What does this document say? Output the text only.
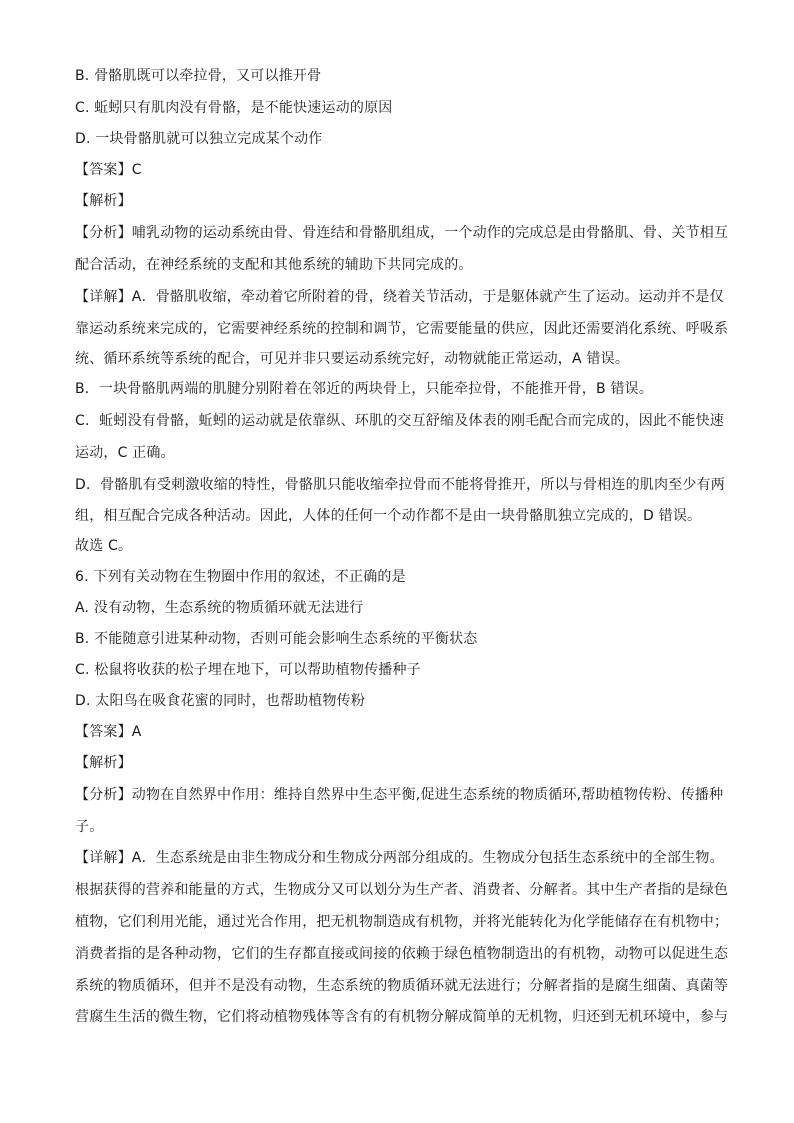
B. 骨骼肌既可以牵拉骨，又可以推开骨
C. 蚯蚓只有肌肉没有骨骼，是不能快速运动的原因
D. 一块骨骼肌就可以独立完成某个动作
【答案】C
【解析】
【分析】哺乳动物的运动系统由骨、骨连结和骨骼肌组成，一个动作的完成总是由骨骼肌、骨、关节相互
配合活动，在神经系统的支配和其他系统的辅助下共同完成的。
【详解】A．骨骼肌收缩，牵动着它所附着的骨，绕着关节活动，于是躯体就产生了运动。运动并不是仅
靠运动系统来完成的，它需要神经系统的控制和调节，它需要能量的供应，因此还需要消化系统、呼吸系
统、循环系统等系统的配合，可见并非只要运动系统完好，动物就能正常运动，A 错误。
B．一块骨骼肌两端的肌腱分别附着在邻近的两块骨上，只能牵拉骨，不能推开骨，B 错误。
C．蚯蚓没有骨骼，蚯蚓的运动就是依靠纵、环肌的交互舒缩及体表的刚毛配合而完成的，因此不能快速
运动，C 正确。
D．骨骼肌有受刺激收缩的特性，骨骼肌只能收缩牵拉骨而不能将骨推开，所以与骨相连的肌肉至少有两
组，相互配合完成各种活动。因此，人体的任何一个动作都不是由一块骨骼肌独立完成的，D 错误。
故选 C。
6. 下列有关动物在生物圈中作用的叙述，不正确的是
A. 没有动物，生态系统的物质循环就无法进行
B. 不能随意引进某种动物，否则可能会影响生态系统的平衡状态
C. 松鼠将收获的松子埋在地下，可以帮助植物传播种子
D. 太阳鸟在吸食花蜜的同时，也帮助植物传粉
【答案】A
【解析】
【分析】动物在自然界中作用：维持自然界中生态平衡,促进生态系统的物质循环,帮助植物传粉、传播种
子。
【详解】A．生态系统是由非生物成分和生物成分两部分组成的。生物成分包括生态系统中的全部生物。
根据获得的营养和能量的方式，生物成分又可以划分为生产者、消费者、分解者。其中生产者指的是绿色
植物，它们利用光能，通过光合作用，把无机物制造成有机物，并将光能转化为化学能储存在有机物中；
消费者指的是各种动物，它们的生存都直接或间接的依赖于绿色植物制造出的有机物，动物可以促进生态
系统的物质循环，但并不是没有动物，生态系统的物质循环就无法进行；分解者指的是腐生细菌、真菌等
营腐生生活的微生物，它们将动植物残体等含有的有机物分解成简单的无机物，归还到无机环境中，参与
